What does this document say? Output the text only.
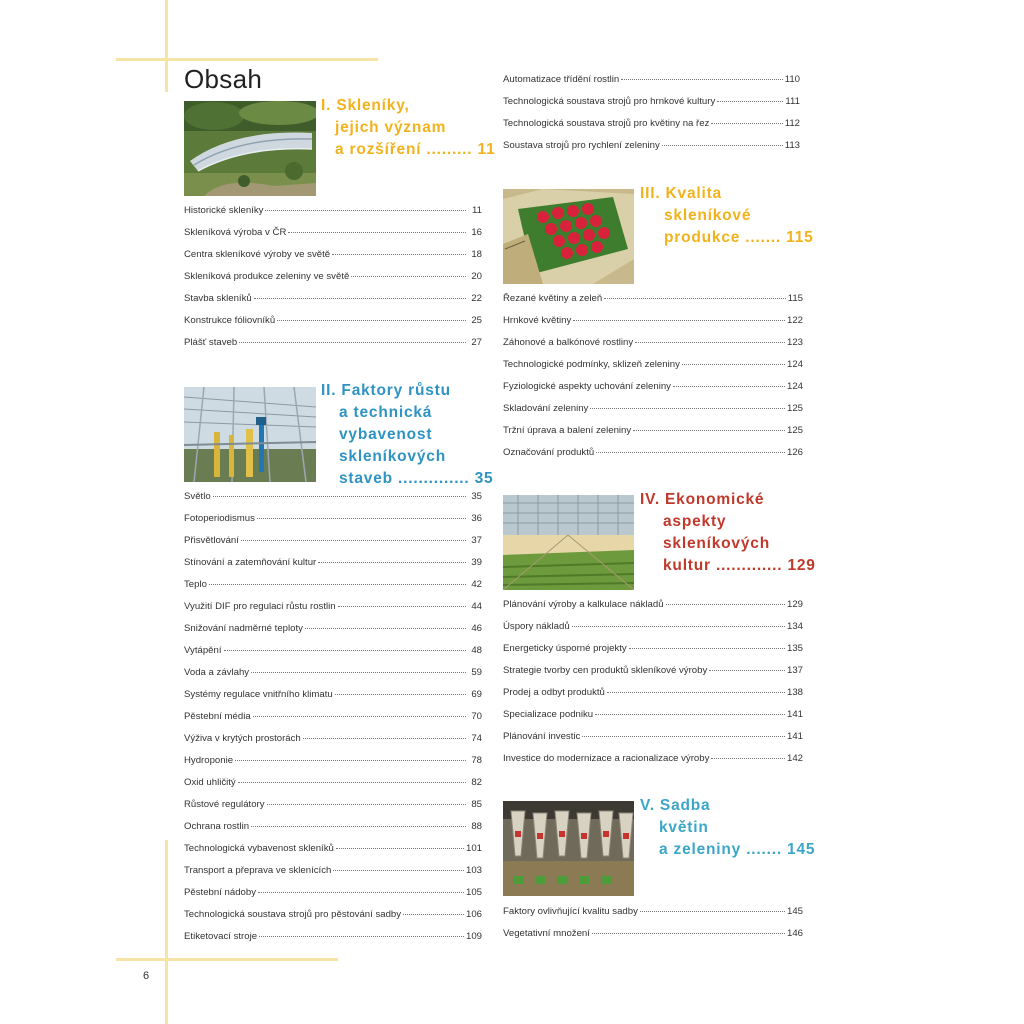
Obsah
I. Skleníky,
jejich význam
a rozšíření ......... 11
Historické skleníky	11
Skleníková výroba v ČR	16
Centra skleníkové výroby ve světě	18
Skleníková produkce zeleniny ve světě	20
Stavba skleníků	22
Konstrukce fóliovníků	25
Plášť staveb	27
II. Faktory růstu
a technická
vybavenost
skleníkových
staveb .............. 35
Světlo	35
Fotoperiodismus	36
Přisvětlování	37
Stínování a zatemňování kultur	39
Teplo	42
Využití DIF pro regulaci růstu rostlin	44
Snižování nadměrné teploty	46
Vytápění	48
Voda a závlahy	59
Systémy regulace vnitřního klimatu	69
Pěstební média	70
Výživa v krytých prostorách	74
Hydroponie	78
Oxid uhličitý	82
Růstové regulátory	85
Ochrana rostlin	88
Technologická vybavenost skleníků	101
Transport a přeprava ve sklenících	103
Pěstební nádoby	105
Technologická soustava strojů pro pěstování sadby	106
Etiketovací stroje	109
Automatizace třídění rostlin	110
Technologická soustava strojů pro hrnkové kultury	111
Technologická soustava strojů pro květiny na řez	112
Soustava strojů pro rychlení zeleniny	113
III. Kvalita
skleníkové
produkce ....... 115
Řezané květiny a zeleň	115
Hrnkové květiny	122
Záhonové a balkónové rostliny	123
Technologické podmínky, sklizeň zeleniny	124
Fyziologické aspekty uchování zeleniny	124
Skladování zeleniny	125
Tržní úprava a balení zeleniny	125
Označování produktů	126
IV. Ekonomické
aspekty
skleníkových
kultur ............. 129
Plánování výroby a kalkulace nákladů	129
Úspory nákladů	134
Energeticky úsporné projekty	135
Strategie tvorby cen produktů skleníkové výroby	137
Prodej a odbyt produktů	138
Specializace podniku	141
Plánování investic	141
Investice do modernizace a racionalizace výroby	142
V. Sadba
květin
a zeleniny ....... 145
Faktory ovlivňující kvalitu sadby	145
Vegetativní množení	146
6
